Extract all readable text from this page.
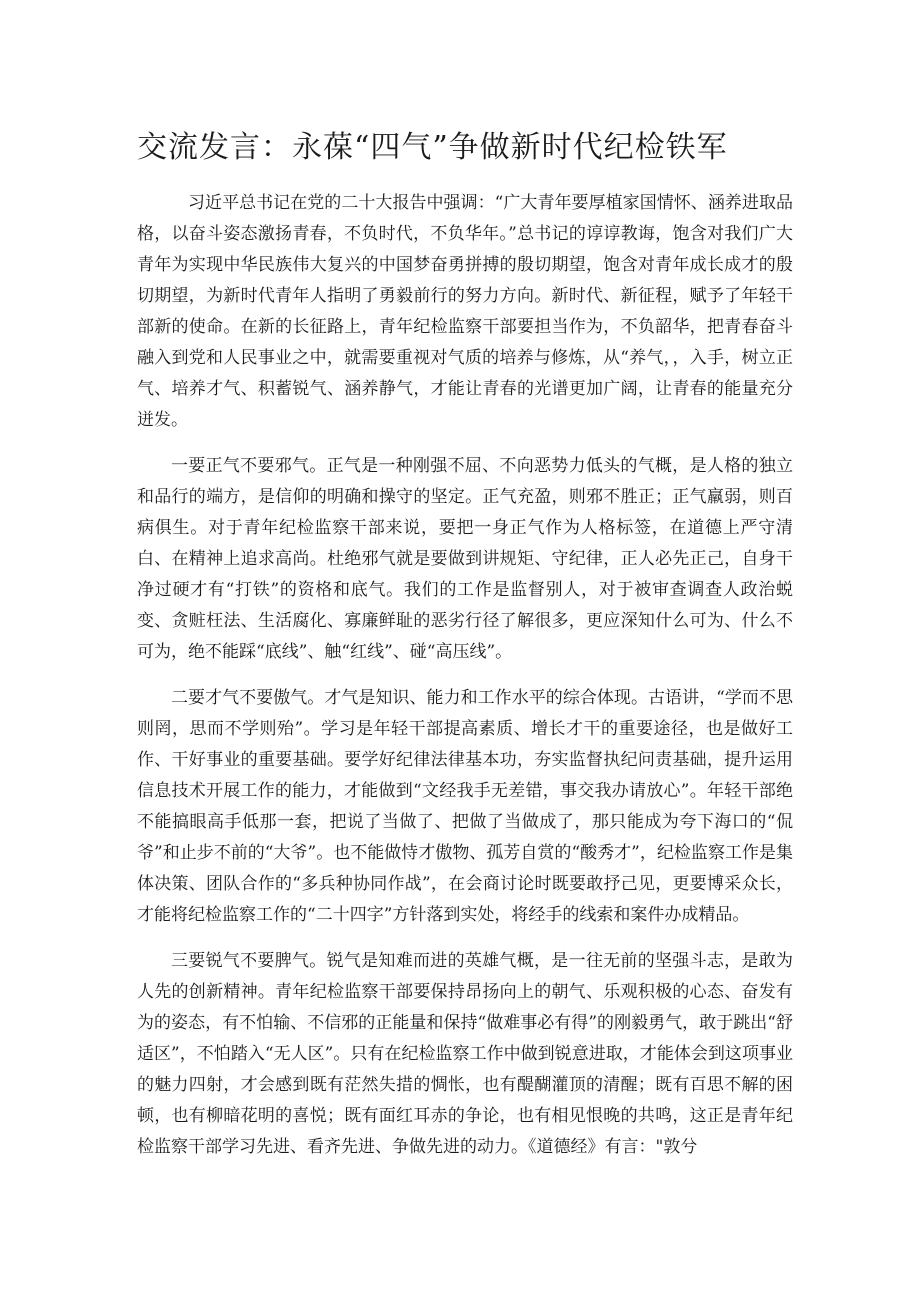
交流发言：永葆“四气”争做新时代纪检铁军

习近平总书记在党的二十大报告中强调：“广大青年要厚植家国情怀、涵养进取品格，以奋斗姿态激扬青春，不负时代，不负华年。”总书记的谆谆教诲，饱含对我们广大青年为实现中华民族伟大复兴的中国梦奋勇拼搏的殷切期望，饱含对青年成长成才的殷切期望，为新时代青年人指明了勇毅前行的努力方向。新时代、新征程，赋予了年轻干部新的使命。在新的长征路上，青年纪检监察干部要担当作为，不负韶华，把青春奋斗融入到党和人民事业之中，就需要重视对气质的培养与修炼，从“养气，，入手，树立正气、培养才气、积蓄锐气、涵养静气，才能让青春的光谱更加广阔，让青春的能量充分迸发。

一要正气不要邪气。正气是一种刚强不屈、不向恶势力低头的气概，是人格的独立和品行的端方，是信仰的明确和操守的坚定。正气充盈，则邪不胜正；正气羸弱，则百病俱生。对于青年纪检监察干部来说，要把一身正气作为人格标签，在道德上严守清白、在精神上追求高尚。杜绝邪气就是要做到讲规矩、守纪律，正人必先正己，自身干净过硬才有“打铁”的资格和底气。我们的工作是监督别人，对于被审查调查人政治蜕变、贪赃枉法、生活腐化、寡廉鲜耻的恶劣行径了解很多，更应深知什么可为、什么不可为，绝不能踩“底线”、触“红线”、碰“高压线”。

二要才气不要傲气。才气是知识、能力和工作水平的综合体现。古语讲，“学而不思则罔，思而不学则殆”。学习是年轻干部提高素质、增长才干的重要途径，也是做好工作、干好事业的重要基础。要学好纪律法律基本功，夯实监督执纪问责基础，提升运用信息技术开展工作的能力，才能做到“文经我手无差错，事交我办请放心”。年轻干部绝不能搞眼高手低那一套，把说了当做了、把做了当做成了，那只能成为夸下海口的“侃爷”和止步不前的“大爷”。也不能做恃才傲物、孤芳自赏的“酸秀才”，纪检监察工作是集体决策、团队合作的“多兵种协同作战”，在会商讨论时既要敢抒己见，更要博采众长，才能将纪检监察工作的“二十四字”方针落到实处，将经手的线索和案件办成精品。

三要锐气不要脾气。锐气是知难而进的英雄气概，是一往无前的坚强斗志，是敢为人先的创新精神。青年纪检监察干部要保持昂扬向上的朝气、乐观积极的心态、奋发有为的姿态，有不怕输、不信邪的正能量和保持“做难事必有得”的刚毅勇气，敢于跳出“舒适区”，不怕踏入“无人区”。只有在纪检监察工作中做到锐意进取，才能体会到这项事业的魅力四射，才会感到既有茫然失措的惆怅，也有醍醐灌顶的清醒；既有百思不解的困顿，也有柳暗花明的喜悦；既有面红耳赤的争论，也有相见恨晚的共鸣，这正是青年纪检监察干部学习先进、看齐先进、争做先进的动力。《道德经》有言："敦兮
